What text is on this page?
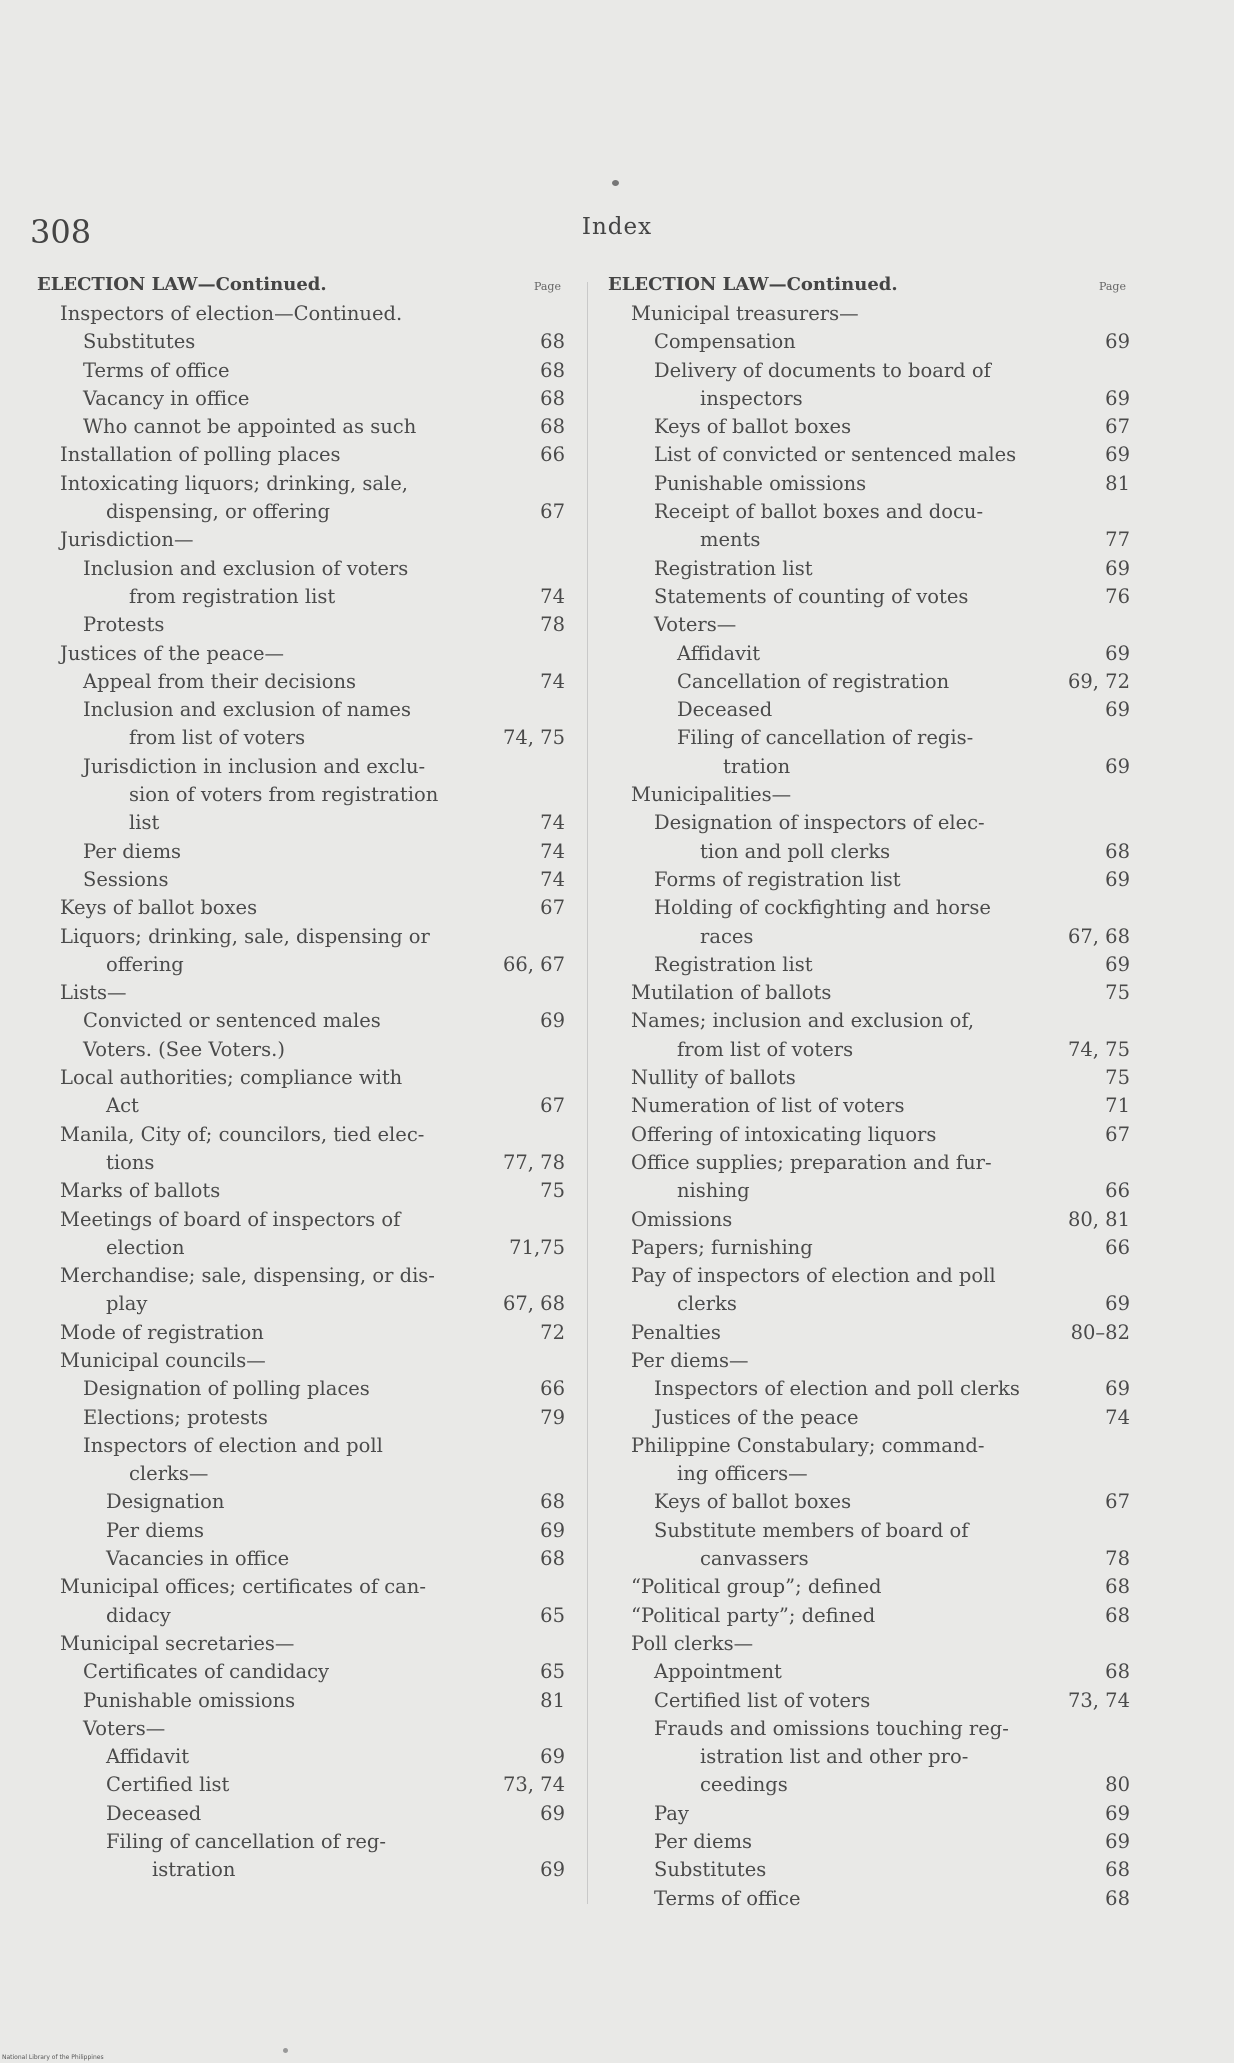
308	Index
ELECTION LAW—Continued.	Page
Inspectors of election—Continued.
Substitutes	68
Terms of office	68
Vacancy in office	68
Who cannot be appointed as such	68
Installation of polling places	66
Intoxicating liquors; drinking, sale,
dispensing, or offering	67
Jurisdiction—
Inclusion and exclusion of voters
from registration list	74
Protests	78
Justices of the peace—
Appeal from their decisions	74
Inclusion and exclusion of names
from list of voters	74, 75
Jurisdiction in inclusion and exclu-
sion of voters from registration
list	74
Per diems	74
Sessions	74
Keys of ballot boxes	67
Liquors; drinking, sale, dispensing or
offering	66, 67
Lists—
Convicted or sentenced males	69
Voters. (See Voters.)
Local authorities; compliance with
Act	67
Manila, City of; councilors, tied elec-
tions	77, 78
Marks of ballots	75
Meetings of board of inspectors of
election	71,75
Merchandise; sale, dispensing, or dis-
play	67, 68
Mode of registration	72
Municipal councils—
Designation of polling places	66
Elections; protests	79
Inspectors of election and poll
clerks—
Designation	68
Per diems	69
Vacancies in office	68
Municipal offices; certificates of can-
didacy	65
Municipal secretaries—
Certificates of candidacy	65
Punishable omissions	81
Voters—
Affidavit	69
Certified list	73, 74
Deceased	69
Filing of cancellation of reg-
istration	69
ELECTION LAW—Continued.	Page
Municipal treasurers—
Compensation	69
Delivery of documents to board of
inspectors	69
Keys of ballot boxes	67
List of convicted or sentenced males	69
Punishable omissions	81
Receipt of ballot boxes and docu-
ments	77
Registration list	69
Statements of counting of votes	76
Voters—
Affidavit	69
Cancellation of registration	69, 72
Deceased	69
Filing of cancellation of regis-
tration	69
Municipalities—
Designation of inspectors of elec-
tion and poll clerks	68
Forms of registration list	69
Holding of cockfighting and horse
races	67, 68
Registration list	69
Mutilation of ballots	75
Names; inclusion and exclusion of,
from list of voters	74, 75
Nullity of ballots	75
Numeration of list of voters	71
Offering of intoxicating liquors	67
Office supplies; preparation and fur-
nishing	66
Omissions	80, 81
Papers; furnishing	66
Pay of inspectors of election and poll
clerks	69
Penalties	80–82
Per diems—
Inspectors of election and poll clerks	69
Justices of the peace	74
Philippine Constabulary; command-
ing officers—
Keys of ballot boxes	67
Substitute members of board of
canvassers	78
“Political group”; defined	68
“Political party”; defined	68
Poll clerks—
Appointment	68
Certified list of voters	73, 74
Frauds and omissions touching reg-
istration list and other pro-
ceedings	80
Pay	69
Per diems	69
Substitutes	68
Terms of office	68
National Library of the Philippines
